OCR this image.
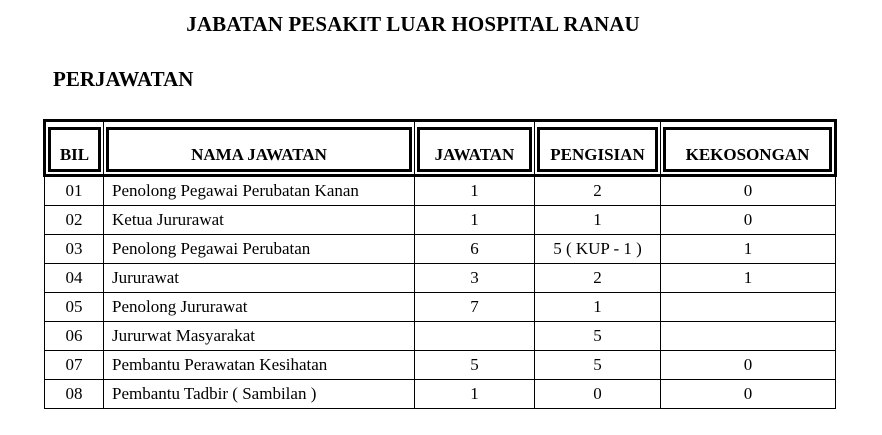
JABATAN PESAKIT LUAR HOSPITAL RANAU
PERJAWATAN
BIL	NAMA JAWATAN	JAWATAN	PENGISIAN	KEKOSONGAN

01	Penolong Pegawai Perubatan Kanan	1	2	0
02	Ketua Jururawat	1	1	0
03	Penolong Pegawai Perubatan	6	5 ( KUP - 1 )	1
04	Jururawat	3	2	1
05	Penolong Jururawat	7	1	
06	Jururwat Masyarakat		5	
07	Pembantu Perawatan Kesihatan	5	5	0
08	Pembantu Tadbir ( Sambilan )	1	0	0
